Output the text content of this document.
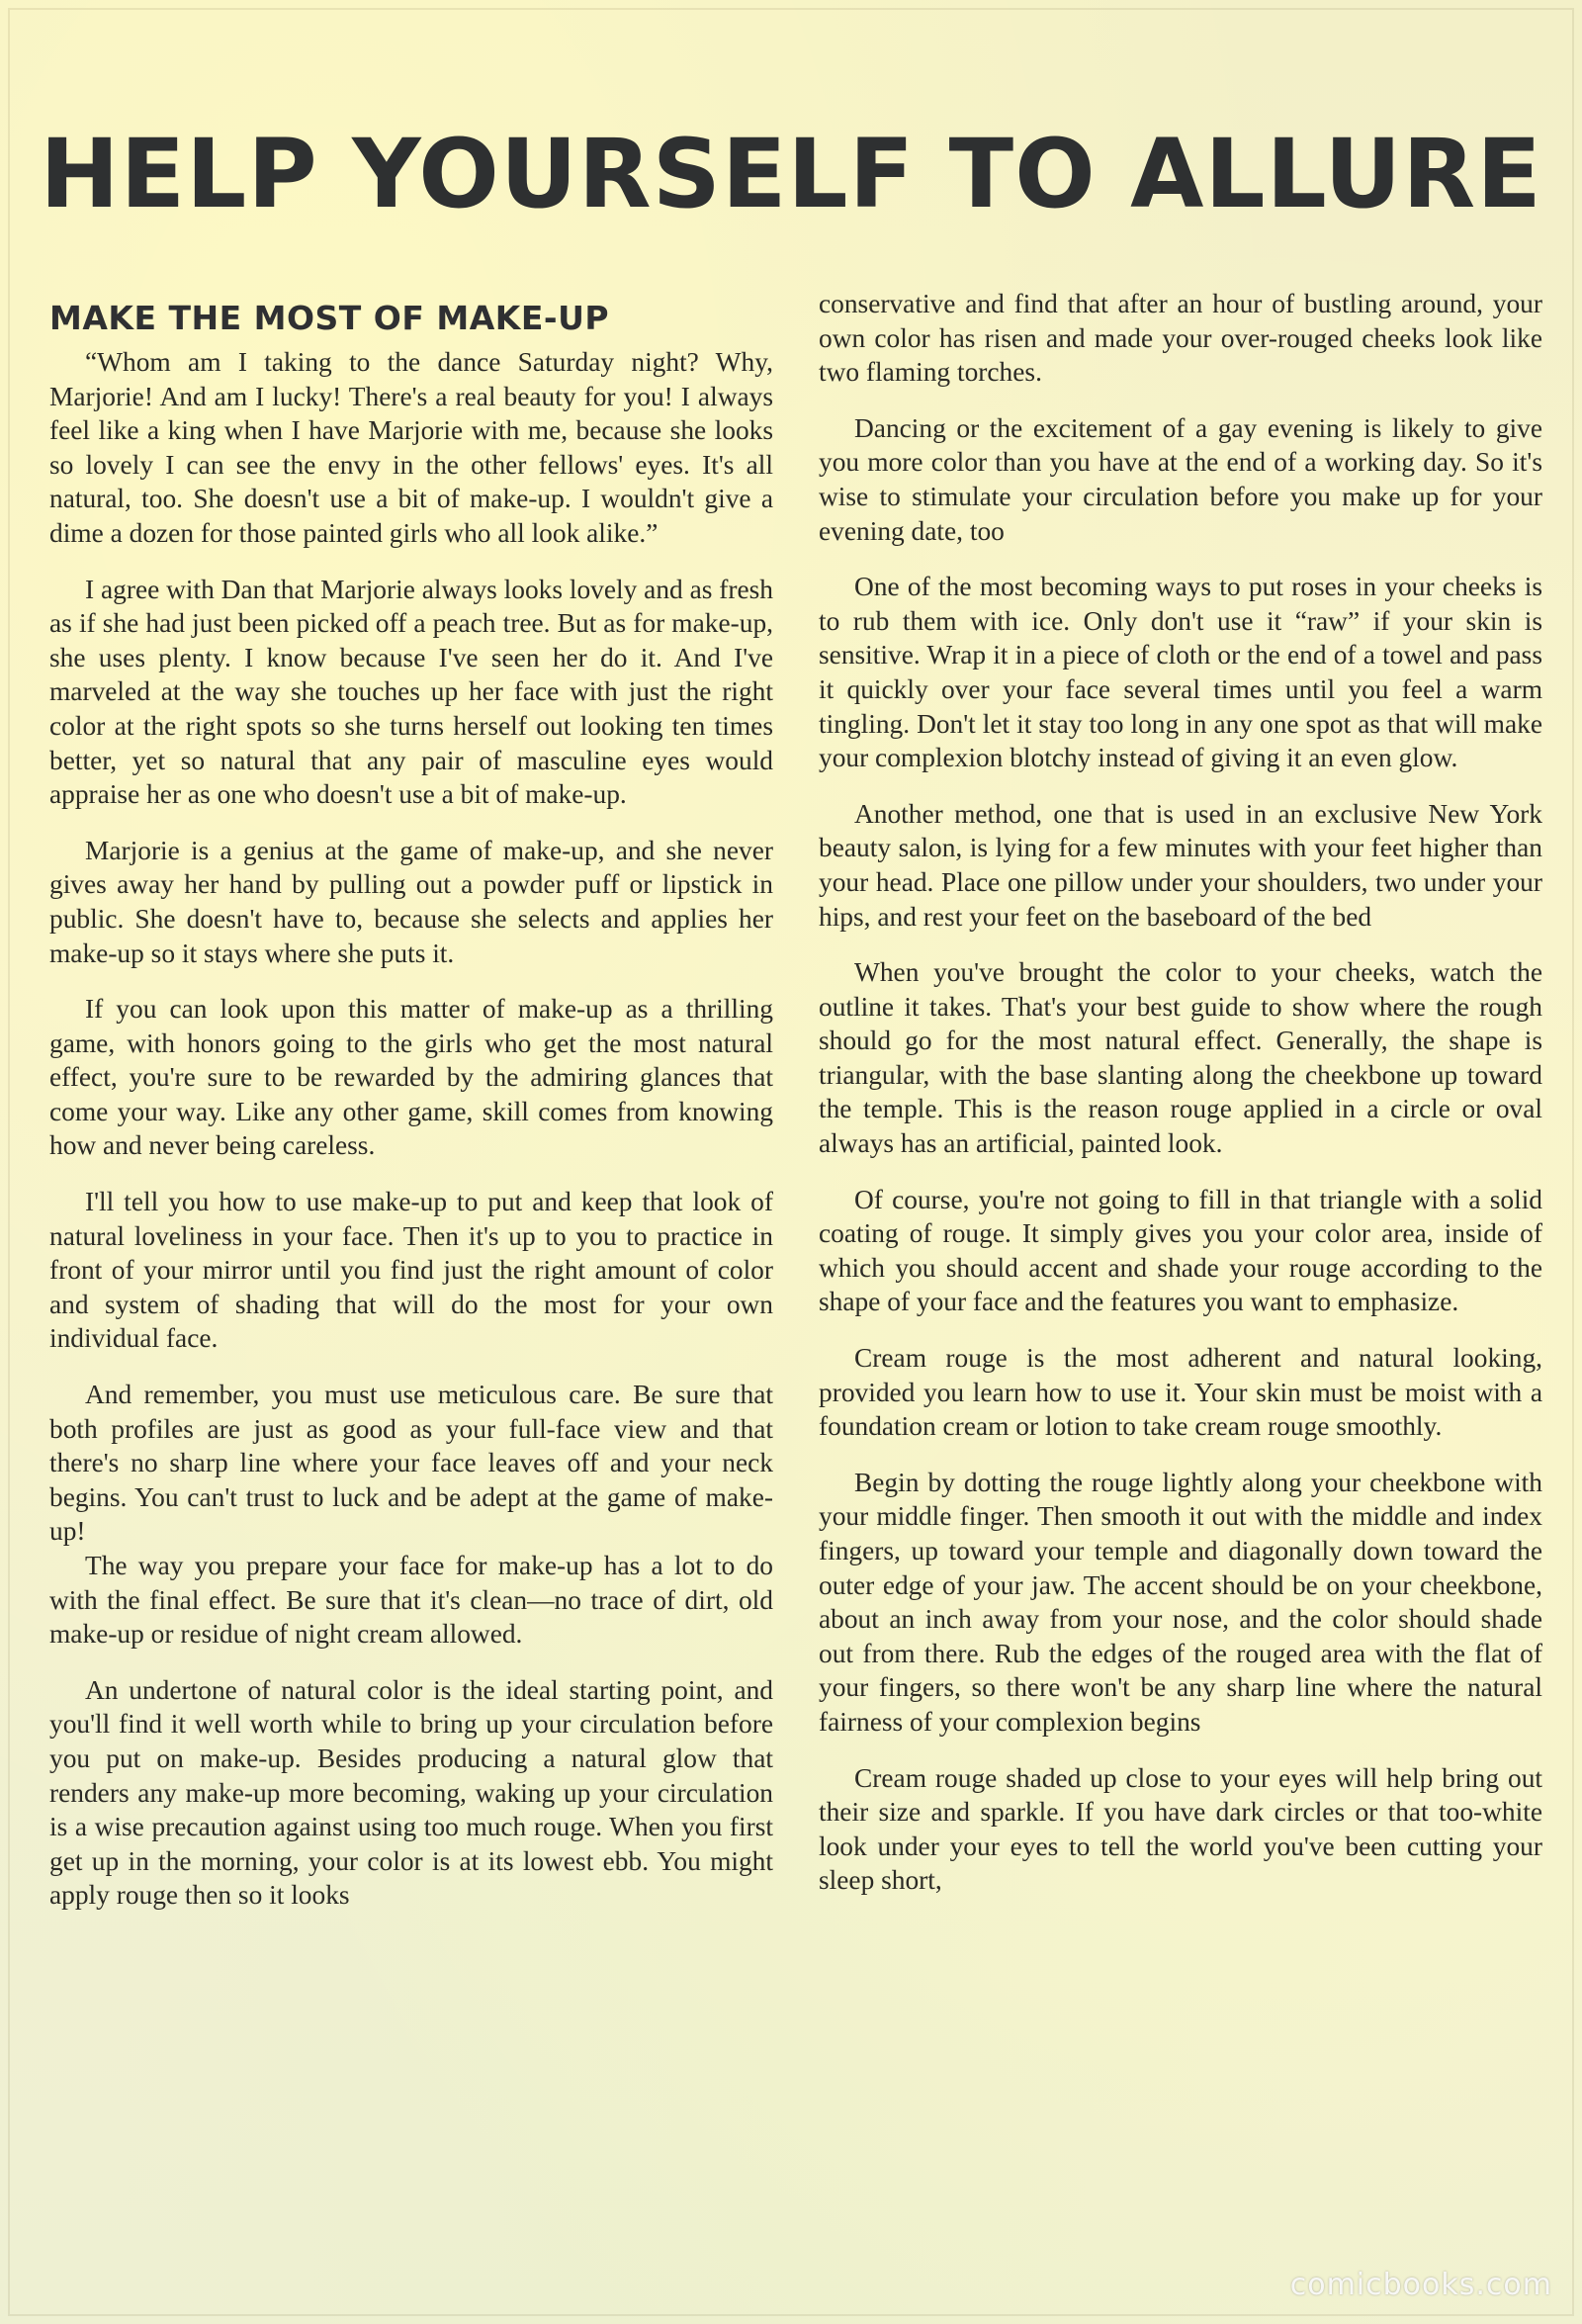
HELP YOURSELF TO ALLURE
MAKE THE MOST OF MAKE-UP

“Whom am I taking to the dance Saturday night? Why, Marjorie! And am I lucky! There's a real beauty for you! I always feel like a king when I have Marjorie with me, because she looks so lovely I can see the envy in the other fellows' eyes. It's all natural, too. She doesn't use a bit of make-up. I wouldn't give a dime a dozen for those painted girls who all look alike.”

I agree with Dan that Marjorie always looks lovely and as fresh as if she had just been picked off a peach tree. But as for make-up, she uses plenty. I know because I've seen her do it. And I've marveled at the way she touches up her face with just the right color at the right spots so she turns herself out looking ten times better, yet so natural that any pair of masculine eyes would appraise her as one who doesn't use a bit of make-up.

Marjorie is a genius at the game of make-up, and she never gives away her hand by pulling out a powder puff or lipstick in public. She doesn't have to, because she selects and applies her make-up so it stays where she puts it.

If you can look upon this matter of make-up as a thrilling game, with honors going to the girls who get the most natural effect, you're sure to be rewarded by the admiring glances that come your way. Like any other game, skill comes from knowing how and never being careless.

I'll tell you how to use make-up to put and keep that look of natural loveliness in your face. Then it's up to you to practice in front of your mirror until you find just the right amount of color and system of shading that will do the most for your own individual face.

And remember, you must use meticulous care. Be sure that both profiles are just as good as your full-face view and that there's no sharp line where your face leaves off and your neck begins. You can't trust to luck and be adept at the game of make-up!

The way you prepare your face for make-up has a lot to do with the final effect. Be sure that it's clean—no trace of dirt, old make-up or residue of night cream allowed.

An undertone of natural color is the ideal starting point, and you'll find it well worth while to bring up your circulation before you put on make-up. Besides producing a natural glow that renders any make-up more becoming, waking up your circulation is a wise precaution against using too much rouge. When you first get up in the morning, your color is at its lowest ebb. You might apply rouge then so it looks

conservative and find that after an hour of bustling around, your own color has risen and made your over-rouged cheeks look like two flaming torches.

Dancing or the excitement of a gay evening is likely to give you more color than you have at the end of a working day. So it's wise to stimulate your circulation before you make up for your evening date, too

One of the most becoming ways to put roses in your cheeks is to rub them with ice. Only don't use it “raw” if your skin is sensitive. Wrap it in a piece of cloth or the end of a towel and pass it quickly over your face several times until you feel a warm tingling. Don't let it stay too long in any one spot as that will make your complexion blotchy instead of giving it an even glow.

Another method, one that is used in an exclusive New York beauty salon, is lying for a few minutes with your feet higher than your head. Place one pillow under your shoulders, two under your hips, and rest your feet on the baseboard of the bed

When you've brought the color to your cheeks, watch the outline it takes. That's your best guide to show where the rough should go for the most natural effect. Generally, the shape is triangular, with the base slanting along the cheekbone up toward the temple. This is the reason rouge applied in a circle or oval always has an artificial, painted look.

Of course, you're not going to fill in that triangle with a solid coating of rouge. It simply gives you your color area, inside of which you should accent and shade your rouge according to the shape of your face and the features you want to emphasize.

Cream rouge is the most adherent and natural looking, provided you learn how to use it. Your skin must be moist with a foundation cream or lotion to take cream rouge smoothly.

Begin by dotting the rouge lightly along your cheekbone with your middle finger. Then smooth it out with the middle and index fingers, up toward your temple and diagonally down toward the outer edge of your jaw. The accent should be on your cheekbone, about an inch away from your nose, and the color should shade out from there. Rub the edges of the rouged area with the flat of your fingers, so there won't be any sharp line where the natural fairness of your complexion begins

Cream rouge shaded up close to your eyes will help bring out their size and sparkle. If you have dark circles or that too-white look under your eyes to tell the world you've been cutting your sleep short,

comicbooks.com
